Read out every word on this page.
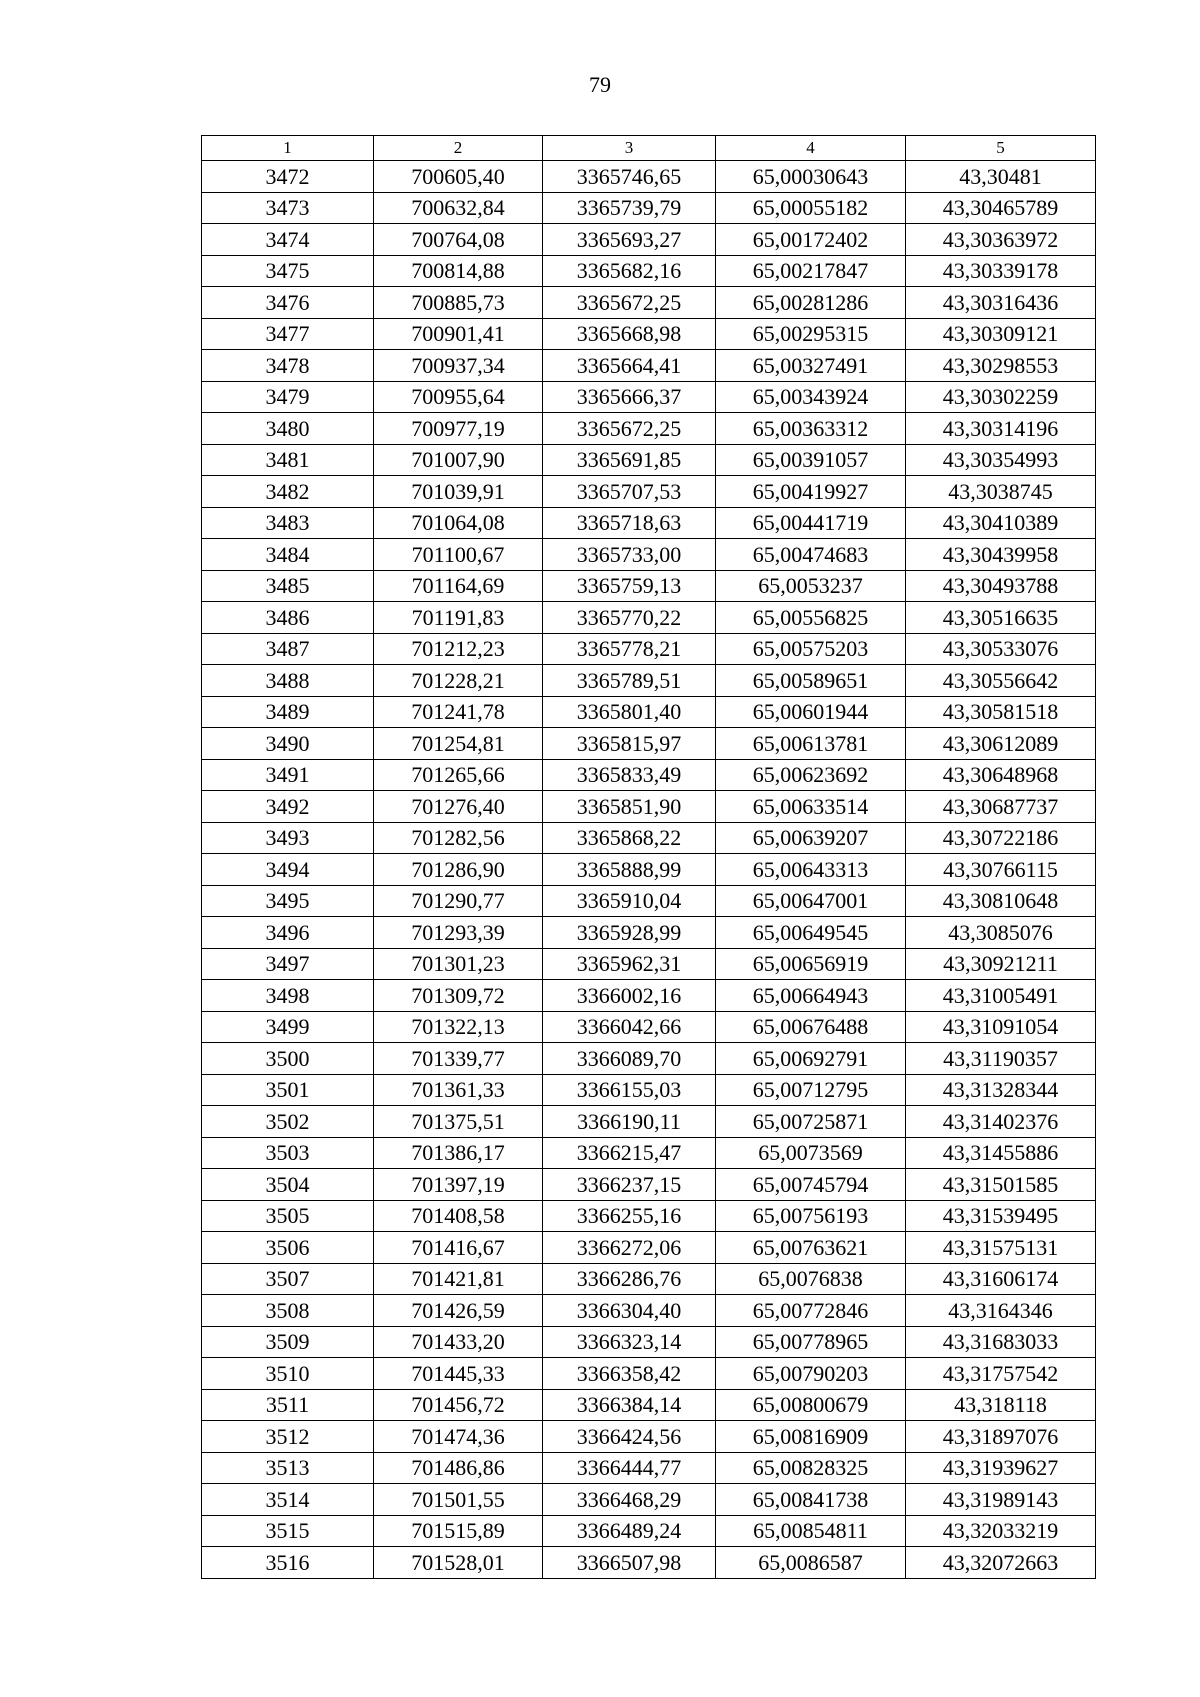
79
1	2	3	4	5
3472	700605,40	3365746,65	65,00030643	43,30481
3473	700632,84	3365739,79	65,00055182	43,30465789
3474	700764,08	3365693,27	65,00172402	43,30363972
3475	700814,88	3365682,16	65,00217847	43,30339178
3476	700885,73	3365672,25	65,00281286	43,30316436
3477	700901,41	3365668,98	65,00295315	43,30309121
3478	700937,34	3365664,41	65,00327491	43,30298553
3479	700955,64	3365666,37	65,00343924	43,30302259
3480	700977,19	3365672,25	65,00363312	43,30314196
3481	701007,90	3365691,85	65,00391057	43,30354993
3482	701039,91	3365707,53	65,00419927	43,3038745
3483	701064,08	3365718,63	65,00441719	43,30410389
3484	701100,67	3365733,00	65,00474683	43,30439958
3485	701164,69	3365759,13	65,0053237	43,30493788
3486	701191,83	3365770,22	65,00556825	43,30516635
3487	701212,23	3365778,21	65,00575203	43,30533076
3488	701228,21	3365789,51	65,00589651	43,30556642
3489	701241,78	3365801,40	65,00601944	43,30581518
3490	701254,81	3365815,97	65,00613781	43,30612089
3491	701265,66	3365833,49	65,00623692	43,30648968
3492	701276,40	3365851,90	65,00633514	43,30687737
3493	701282,56	3365868,22	65,00639207	43,30722186
3494	701286,90	3365888,99	65,00643313	43,30766115
3495	701290,77	3365910,04	65,00647001	43,30810648
3496	701293,39	3365928,99	65,00649545	43,3085076
3497	701301,23	3365962,31	65,00656919	43,30921211
3498	701309,72	3366002,16	65,00664943	43,31005491
3499	701322,13	3366042,66	65,00676488	43,31091054
3500	701339,77	3366089,70	65,00692791	43,31190357
3501	701361,33	3366155,03	65,00712795	43,31328344
3502	701375,51	3366190,11	65,00725871	43,31402376
3503	701386,17	3366215,47	65,0073569	43,31455886
3504	701397,19	3366237,15	65,00745794	43,31501585
3505	701408,58	3366255,16	65,00756193	43,31539495
3506	701416,67	3366272,06	65,00763621	43,31575131
3507	701421,81	3366286,76	65,0076838	43,31606174
3508	701426,59	3366304,40	65,00772846	43,3164346
3509	701433,20	3366323,14	65,00778965	43,31683033
3510	701445,33	3366358,42	65,00790203	43,31757542
3511	701456,72	3366384,14	65,00800679	43,318118
3512	701474,36	3366424,56	65,00816909	43,31897076
3513	701486,86	3366444,77	65,00828325	43,31939627
3514	701501,55	3366468,29	65,00841738	43,31989143
3515	701515,89	3366489,24	65,00854811	43,32033219
3516	701528,01	3366507,98	65,0086587	43,32072663
